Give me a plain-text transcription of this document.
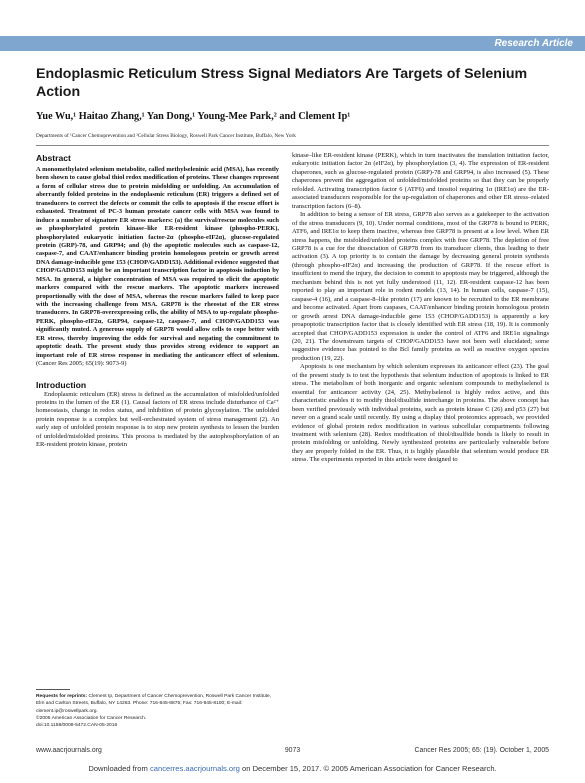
Research Article
Endoplasmic Reticulum Stress Signal Mediators Are Targets of Selenium Action
Yue Wu,¹ Haitao Zhang,¹ Yan Dong,¹ Young-Mee Park,² and Clement Ip¹
Departments of ¹Cancer Chemoprevention and ²Cellular Stress Biology, Roswell Park Cancer Institute, Buffalo, New York
Abstract

A monomethylated selenium metabolite, called methylseleninic acid (MSA), has recently been shown to cause global thiol redox modification of proteins. These changes represent a form of cellular stress due to protein misfolding or unfolding. An accumulation of aberrantly folded proteins in the endoplasmic reticulum (ER) triggers a defined set of transducers to correct the defects or commit the cells to apoptosis if the rescue effort is exhausted. Treatment of PC-3 human prostate cancer cells with MSA was found to induce a number of signature ER stress markers: (a) the survival/rescue molecules such as phosphorylated protein kinase–like ER-resident kinase (phospho-PERK), phosphorylated eukaryotic initiation factor-2α (phospho-eIF2α), glucose-regulated protein (GRP)-78, and GRP94; and (b) the apoptotic molecules such as caspase-12, caspase-7, and CAAT/enhancer binding protein homologous protein or growth arrest DNA damage-inducible gene 153 (CHOP/GADD153). Additional evidence suggested that CHOP/GADD153 might be an important transcription factor in apoptosis induction by MSA. In general, a higher concentration of MSA was required to elicit the apoptotic markers compared with the rescue markers. The apoptotic markers increased proportionally with the dose of MSA, whereas the rescue markers failed to keep pace with the increasing challenge from MSA. GRP78 is the rheostat of the ER stress transducers. In GRP78-overexpressing cells, the ability of MSA to up-regulate phospho-PERK, phospho-eIF2α, GRP94, caspase-12, caspase-7, and CHOP/GADD153 was significantly muted. A generous supply of GRP78 would allow cells to cope better with ER stress, thereby improving the odds for survival and negating the commitment to apoptotic death. The present study thus provides strong evidence to support an important role of ER stress response in mediating the anticancer effect of selenium. (Cancer Res 2005; 65(19): 9073-9)

Introduction

Endoplasmic reticulum (ER) stress is defined as the accumulation of misfolded/unfolded proteins in the lumen of the ER (1). Causal factors of ER stress include disturbance of Ca²⁺ homeostasis, change in redox status, and inhibition of protein glycosylation. The unfolded protein response is a complex but well-orchestrated system of stress management (2). An early step of unfolded protein response is to stop new protein synthesis to lessen the burden of unfolded/misfolded proteins. This process is mediated by the autophosphorylation of an ER-resident protein kinase, protein

kinase–like ER-resident kinase (PERK), which in turn inactivates the translation initiation factor, eukaryotic initiation factor 2α (eIF2α), by phosphorylation (3, 4). The expression of ER-resident chaperones, such as glucose-regulated protein (GRP)-78 and GRP94, is also increased (5). These chaperones prevent the aggregation of unfolded/misfolded proteins so that they can be properly refolded. Activating transcription factor 6 (ATF6) and inositol requiring 1α (IRE1α) are the ER-associated transducers responsible for the up-regulation of chaperones and other ER stress–related transcription factors (6–8).

In addition to being a sensor of ER stress, GRP78 also serves as a gatekeeper to the activation of the stress transducers (9, 10). Under normal conditions, most of the GRP78 is bound to PERK, ATF6, and IRE1α to keep them inactive, whereas free GRP78 is present at a low level. When ER stress happens, the misfolded/unfolded proteins complex with free GRP78. The depletion of free GRP78 is a cue for the dissociation of GRP78 from its transducer clients, thus leading to their activation (3). A top priority is to contain the damage by decreasing general protein synthesis (through phospho-eIF2α) and increasing the production of GRP78. If the rescue effort is insufficient to mend the injury, the decision to commit to apoptosis may be triggered, although the mechanism behind this is not yet fully understood (11, 12). ER-resident caspase-12 has been reported to play an important role in rodent models (13, 14). In human cells, caspase-7 (15), caspase-4 (16), and a caspase-8–like protein (17) are known to be recruited to the ER membrane and become activated. Apart from caspases, CAAT/enhancer binding protein homologous protein or growth arrest DNA damage-inducible gene 153 (CHOP/GADD153) is apparently a key proapoptotic transcription factor that is closely identified with ER stress (18, 19). It is commonly accepted that CHOP/GADD153 expression is under the control of ATF6 and IRE1α signalings (20, 21). The downstream targets of CHOP/GADD153 have not been well elucidated; some suggestive evidence has pointed to the Bcl family proteins as well as reactive oxygen species production (19, 22).

Apoptosis is one mechanism by which selenium expresses its anticancer effect (23). The goal of the present study is to test the hypothesis that selenium induction of apoptosis is linked to ER stress. The metabolism of both inorganic and organic selenium compounds to methylselenol is essential for anticancer activity (24, 25). Methylselenol is highly redox active, and this characteristic enables it to modify thiol/disulfide interchange in proteins. The above concept has been verified previously with individual proteins, such as protein kinase C (26) and p53 (27) but never on a grand scale until recently. By using a display thiol proteomics approach, we provided evidence of global protein redox modification in various subcellular compartments following treatment with selenium (28). Redox modification of thiol/disulfide bonds is likely to result in protein misfolding or unfolding. Newly synthesized proteins are particularly vulnerable before they are properly folded in the ER. Thus, it is highly plausible that selenium would produce ER stress. The experiments reported in this article were designed to

Requests for reprints: Clement Ip, Department of Cancer Chemoprevention, Roswell Park Cancer Institute, Elm and Carlton Streets, Buffalo, NY 14263. Phone: 716-845-8875; Fax: 716-845-8100; E-mail: clement.ip@roswellpark.org.

©2005 American Association for Cancer Research.

doi:10.1158/0008-5472.CAN-05-2016

www.aacrjournals.org	9073	Cancer Res 2005; 65: (19). October 1, 2005
Downloaded from cancerres.aacrjournals.org on December 15, 2017. © 2005 American Association for Cancer Research.
